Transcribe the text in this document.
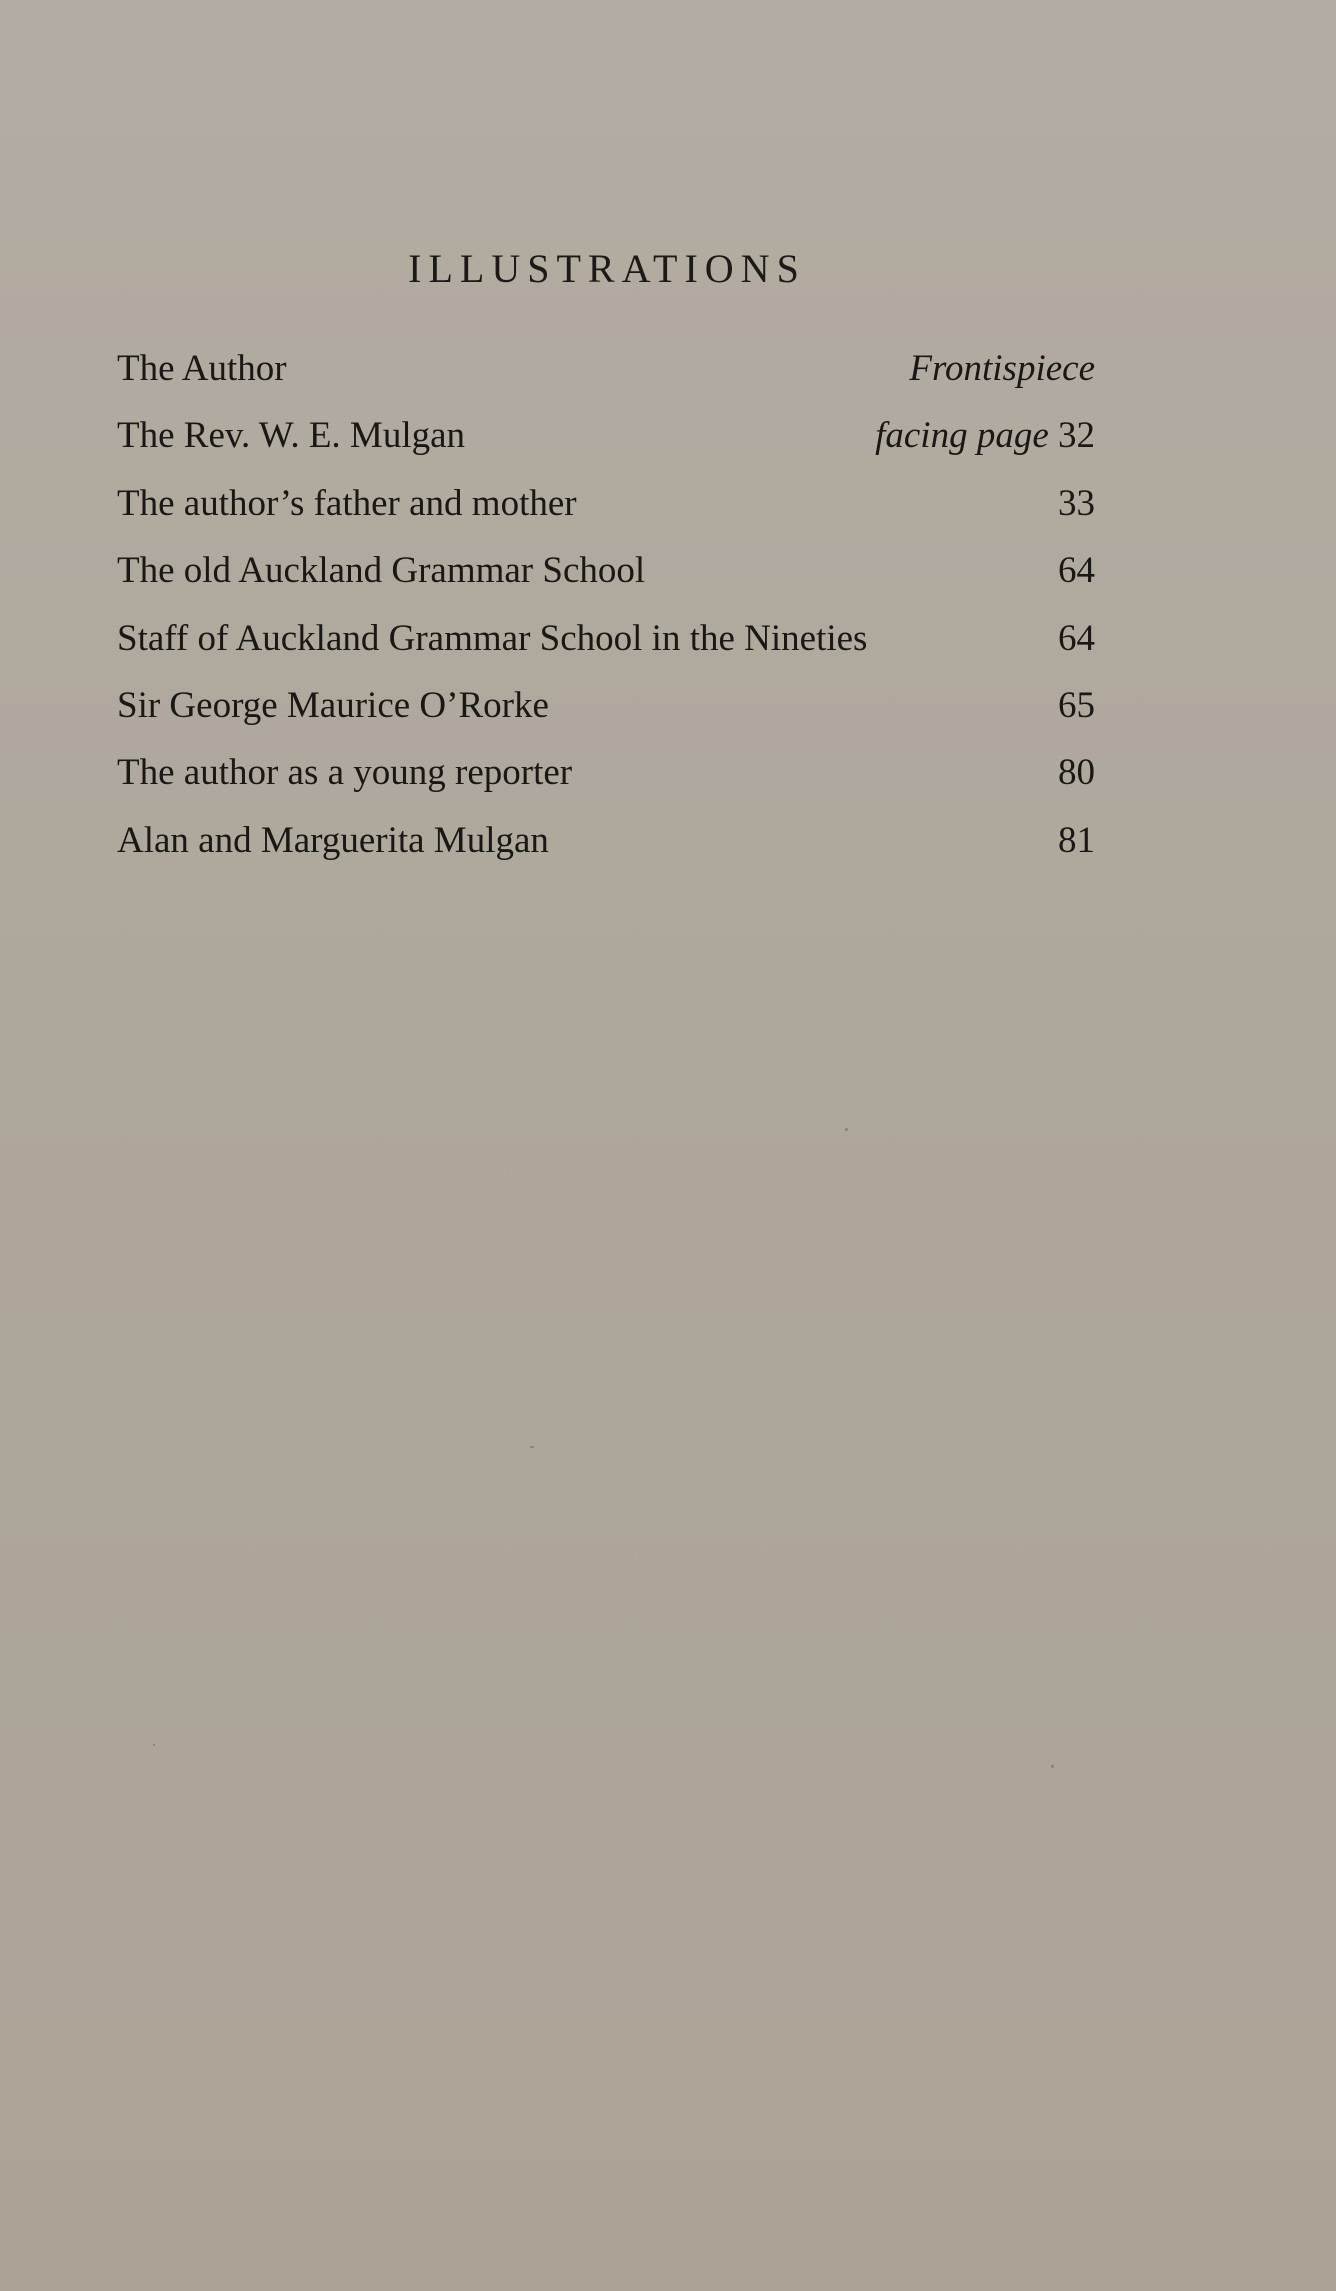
ILLUSTRATIONS
The Author	Frontispiece
The Rev. W. E. Mulgan	facing page 32
The author’s father and mother	33
The old Auckland Grammar School	64
Staff of Auckland Grammar School in the Nineties	64
Sir George Maurice O’Rorke	65
The author as a young reporter	80
Alan and Marguerita Mulgan	81
